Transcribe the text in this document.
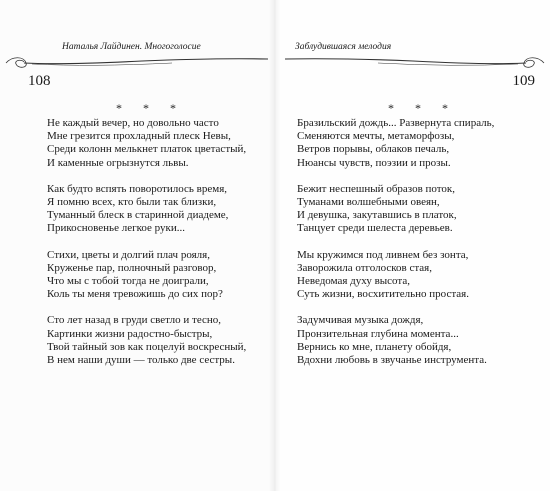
108
Наталья Лайдинен. Многоголосие
* * *
Не каждый вечер, но довольно часто
Мне грезится прохладный плеск Невы,
Среди колонн мелькнет платок цветастый,
И каменные огрызнутся львы.
Как будто вспять поворотилось время,
Я помню всех, кто были так близки,
Туманный блеск в старинной диадеме,
Прикосновенье легкое руки...
Стихи, цветы и долгий плач рояля,
Круженье пар, полночный разговор,
Что мы с тобой тогда не доиграли,
Коль ты меня тревожишь до сих пор?
Сто лет назад в груди светло и тесно,
Картинки жизни радостно-быстры,
Твой тайный зов как поцелуй воскресный,
В нем наши души — только две сестры.
Заблудившаяся мелодия
109
* * *
Бразильский дождь... Развернута спираль,
Сменяются мечты, метаморфозы,
Ветров порывы, облаков печаль,
Нюансы чувств, поэзии и прозы.
Бежит неспешный образов поток,
Туманами волшебными овеян,
И девушка, закутавшись в платок,
Танцует среди шелеста деревьев.
Мы кружимся под ливнем без зонта,
Заворожила отголосков стая,
Неведомая духу высота,
Суть жизни, восхитительно простая.
Задумчивая музыка дождя,
Пронзительная глубина момента...
Вернись ко мне, планету обойдя,
Вдохни любовь в звучанье инструмента.
